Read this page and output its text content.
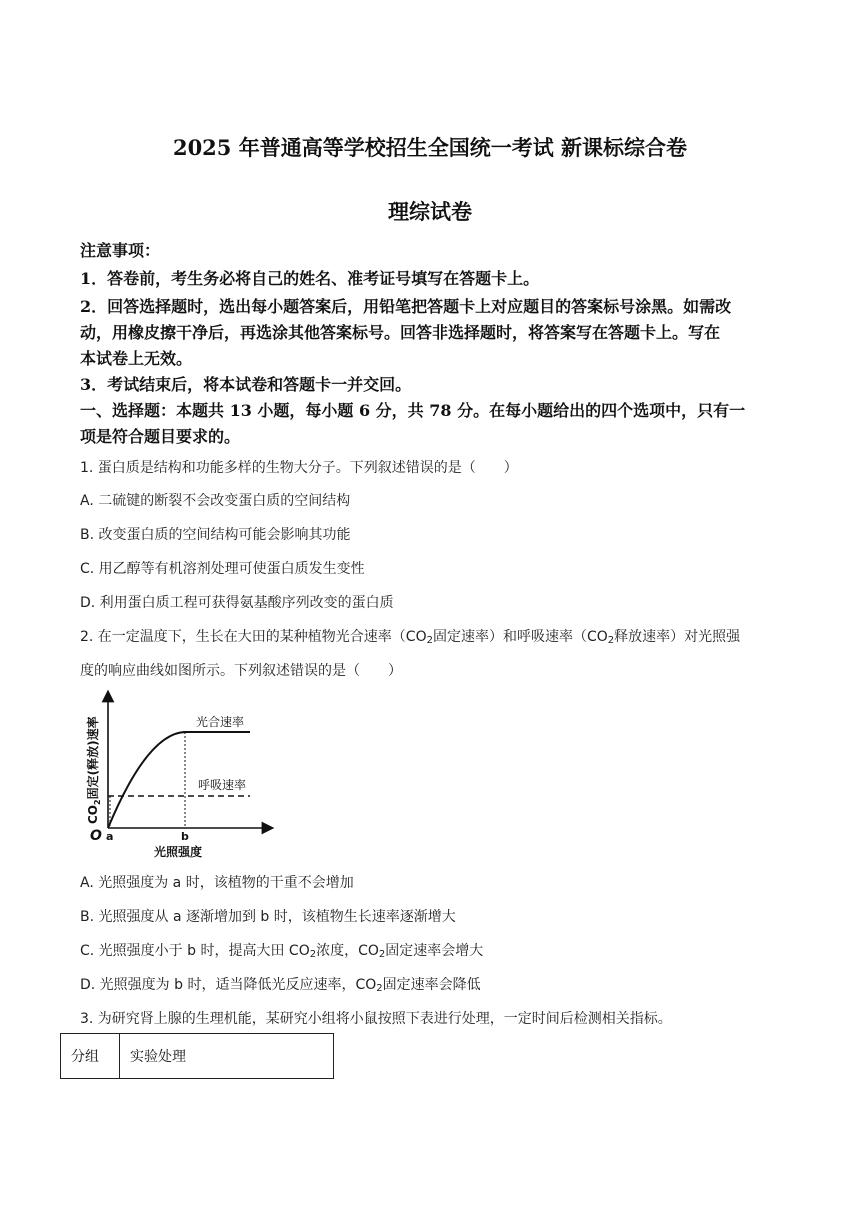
2025 年普通高等学校招生全国统一考试 新课标综合卷
理综试卷
注意事项：
1．答卷前，考生务必将自己的姓名、准考证号填写在答题卡上。
2．回答选择题时，选出每小题答案后，用铅笔把答题卡上对应题目的答案标号涂黑。如需改
动，用橡皮擦干净后，再选涂其他答案标号。回答非选择题时，将答案写在答题卡上。写在
本试卷上无效。
3．考试结束后，将本试卷和答题卡一并交回。
一、选择题：本题共 13 小题，每小题 6 分，共 78 分。在每小题给出的四个选项中，只有一
项是符合题目要求的。
1. 蛋白质是结构和功能多样的生物大分子。下列叙述错误的是（　　）
A. 二硫键的断裂不会改变蛋白质的空间结构
B. 改变蛋白质的空间结构可能会影响其功能
C. 用乙醇等有机溶剂处理可使蛋白质发生变性
D. 利用蛋白质工程可获得氨基酸序列改变的蛋白质
2. 在一定温度下，生长在大田的某种植物光合速率（$CO_2$固定速率）和呼吸速率（$CO_2$释放速率）对光照强
度的响应曲线如图所示。下列叙述错误的是（　　）
光合速率
呼吸速率
O a	b
光照强度
$CO_2$固定(释放)速率
A. 光照强度为 a 时，该植物的干重不会增加
B. 光照强度从 a 逐渐增加到 b 时，该植物生长速率逐渐增大
C. 光照强度小于 b 时，提高大田 $CO_2$浓度，$CO_2$固定速率会增大
D. 光照强度为 b 时，适当降低光反应速率，$CO_2$固定速率会降低
3. 为研究肾上腺的生理机能，某研究小组将小鼠按照下表进行处理，一定时间后检测相关指标。
分组	实验处理
